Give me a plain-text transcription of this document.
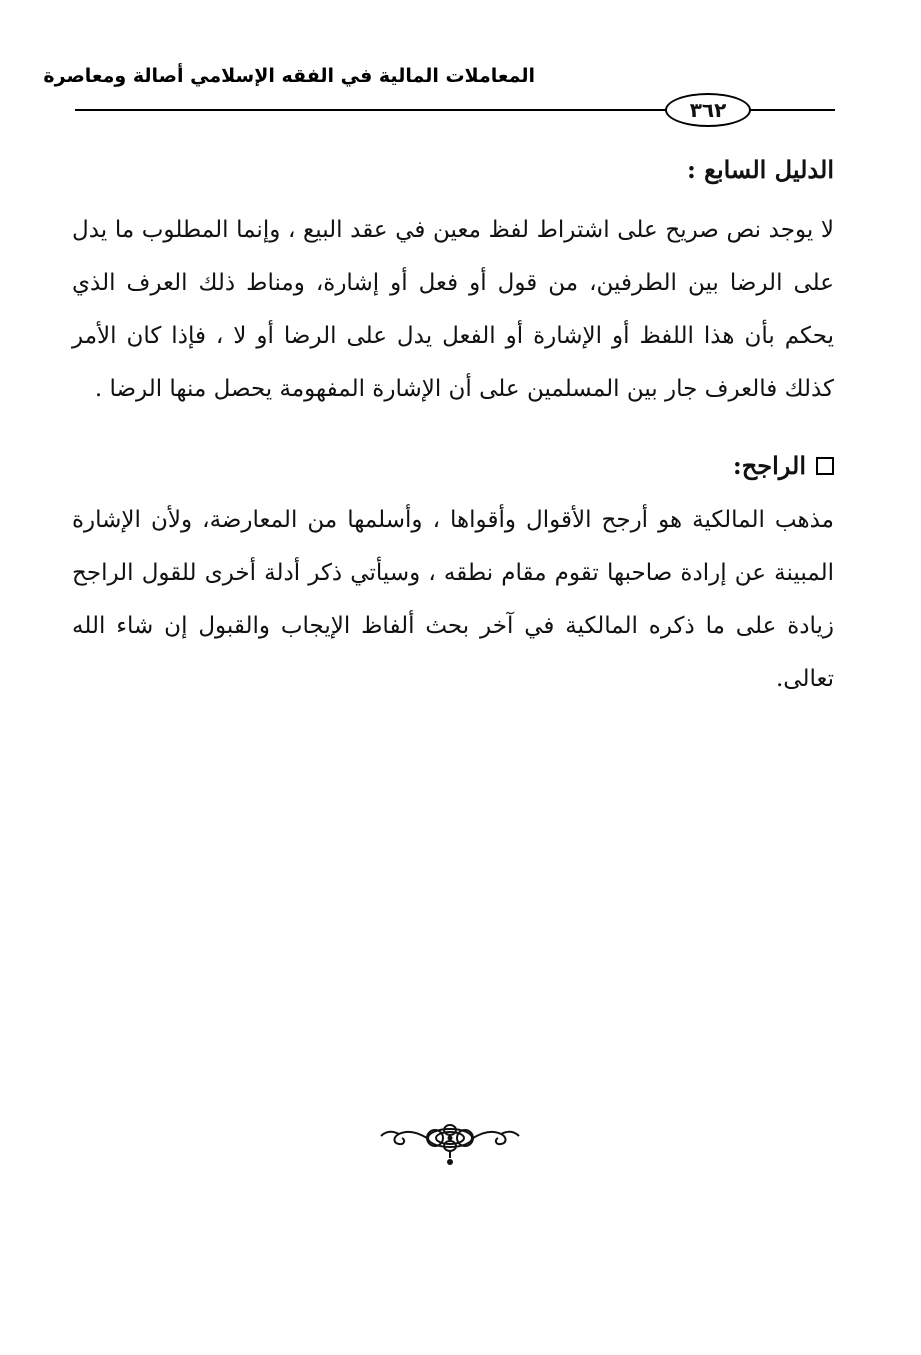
المعاملات المالية في الفقه الإسلامي أصالة ومعاصرة
٣٦٢
الدليل السابع :

لا يوجد نص صريح على اشتراط لفظ معين في عقد البيع ، وإنما المطلوب ما يدل على الرضا بين الطرفين، من قول أو فعل أو إشارة، ومناط ذلك العرف الذي يحكم بأن هذا اللفظ أو الإشارة أو الفعل يدل على الرضا أو لا ، فإذا كان الأمر كذلك فالعرف جار بين المسلمين على أن الإشارة المفهومة يحصل منها الرضا .

الراجح:

مذهب المالكية هو أرجح الأقوال وأقواها ، وأسلمها من المعارضة، ولأن الإشارة المبينة عن إرادة صاحبها تقوم مقام نطقه ، وسيأتي ذكر أدلة أخرى للقول الراجح زيادة على ما ذكره المالكية في آخر بحث ألفاظ الإيجاب والقبول إن شاء الله تعالى.
